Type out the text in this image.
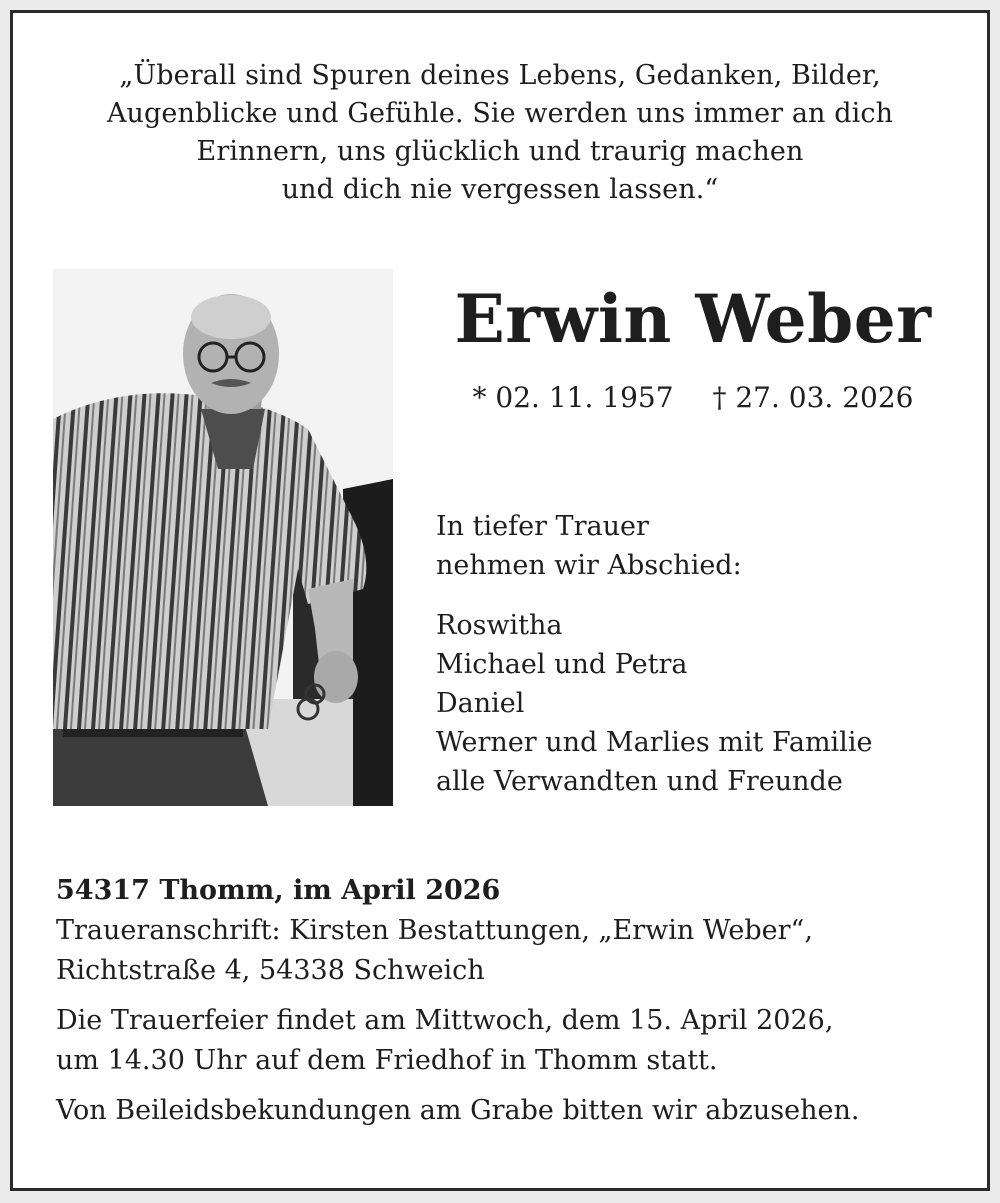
„Überall sind Spuren deines Lebens, Gedanken, Bilder,
Augenblicke und Gefühle. Sie werden uns immer an dich
Erinnern, uns glücklich und traurig machen
und dich nie vergessen lassen.“
Erwin Weber
* 02. 11. 1957 † 27. 03. 2026
In tiefer Trauer
nehmen wir Abschied:
Roswitha
Michael und Petra
Daniel
Werner und Marlies mit Familie
alle Verwandten und Freunde
54317 Thomm, im April 2026
Traueranschrift: Kirsten Bestattungen, „Erwin Weber“,
Richtstraße 4, 54338 Schweich
Die Trauerfeier findet am Mittwoch, dem 15. April 2026,
um 14.30 Uhr auf dem Friedhof in Thomm statt.
Von Beileidsbekundungen am Grabe bitten wir abzusehen.
